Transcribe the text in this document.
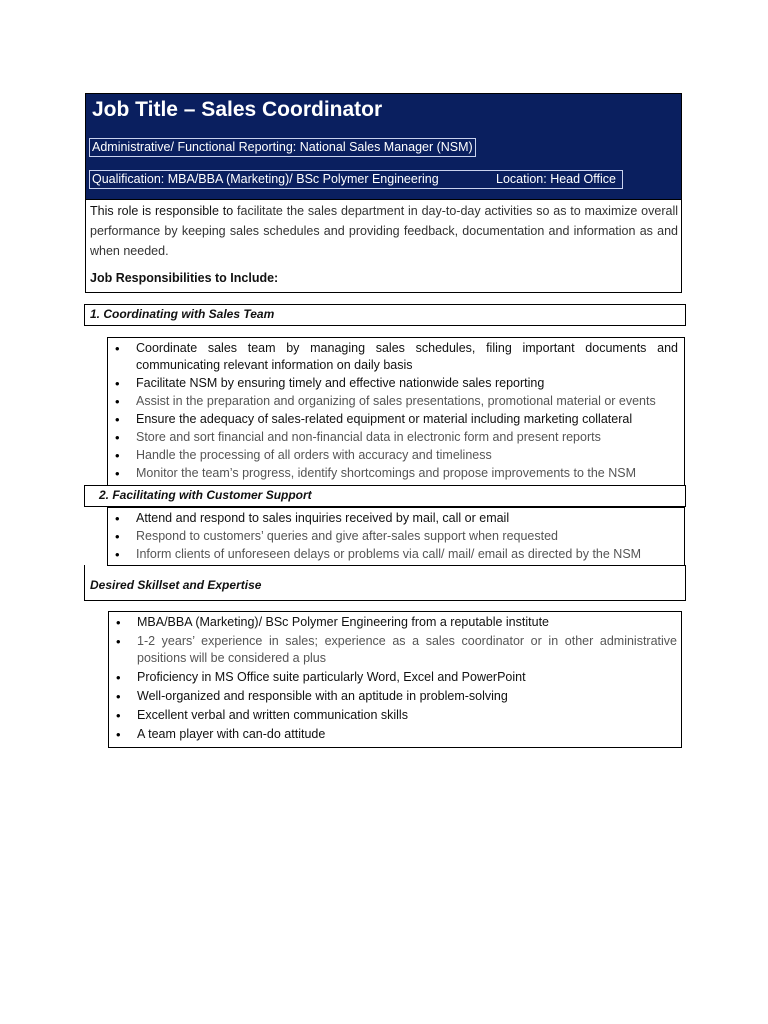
Job Title – Sales Coordinator
Administrative/ Functional Reporting: National Sales Manager (NSM)
Qualification: MBA/BBA (Marketing)/ BSc Polymer Engineering	Location: Head Office
This role is responsible to facilitate the sales department in day-to-day activities so as to maximize overall performance by keeping sales schedules and providing feedback, documentation and information as and when needed.
Job Responsibilities to Include:
1. Coordinating with Sales Team
• Coordinate sales team by managing sales schedules, filing important documents and communicating relevant information on daily basis
• Facilitate NSM by ensuring timely and effective nationwide sales reporting
• Assist in the preparation and organizing of sales presentations, promotional material or events
• Ensure the adequacy of sales-related equipment or material including marketing collateral
• Store and sort financial and non-financial data in electronic form and present reports
• Handle the processing of all orders with accuracy and timeliness
• Monitor the team’s progress, identify shortcomings and propose improvements to the NSM
2. Facilitating with Customer Support
• Attend and respond to sales inquiries received by mail, call or email
• Respond to customers’ queries and give after-sales support when requested
• Inform clients of unforeseen delays or problems via call/ mail/ email as directed by the NSM
Desired Skillset and Expertise
• MBA/BBA (Marketing)/ BSc Polymer Engineering from a reputable institute
• 1-2 years’ experience in sales; experience as a sales coordinator or in other administrative positions will be considered a plus
• Proficiency in MS Office suite particularly Word, Excel and PowerPoint
• Well-organized and responsible with an aptitude in problem-solving
• Excellent verbal and written communication skills
• A team player with can-do attitude
